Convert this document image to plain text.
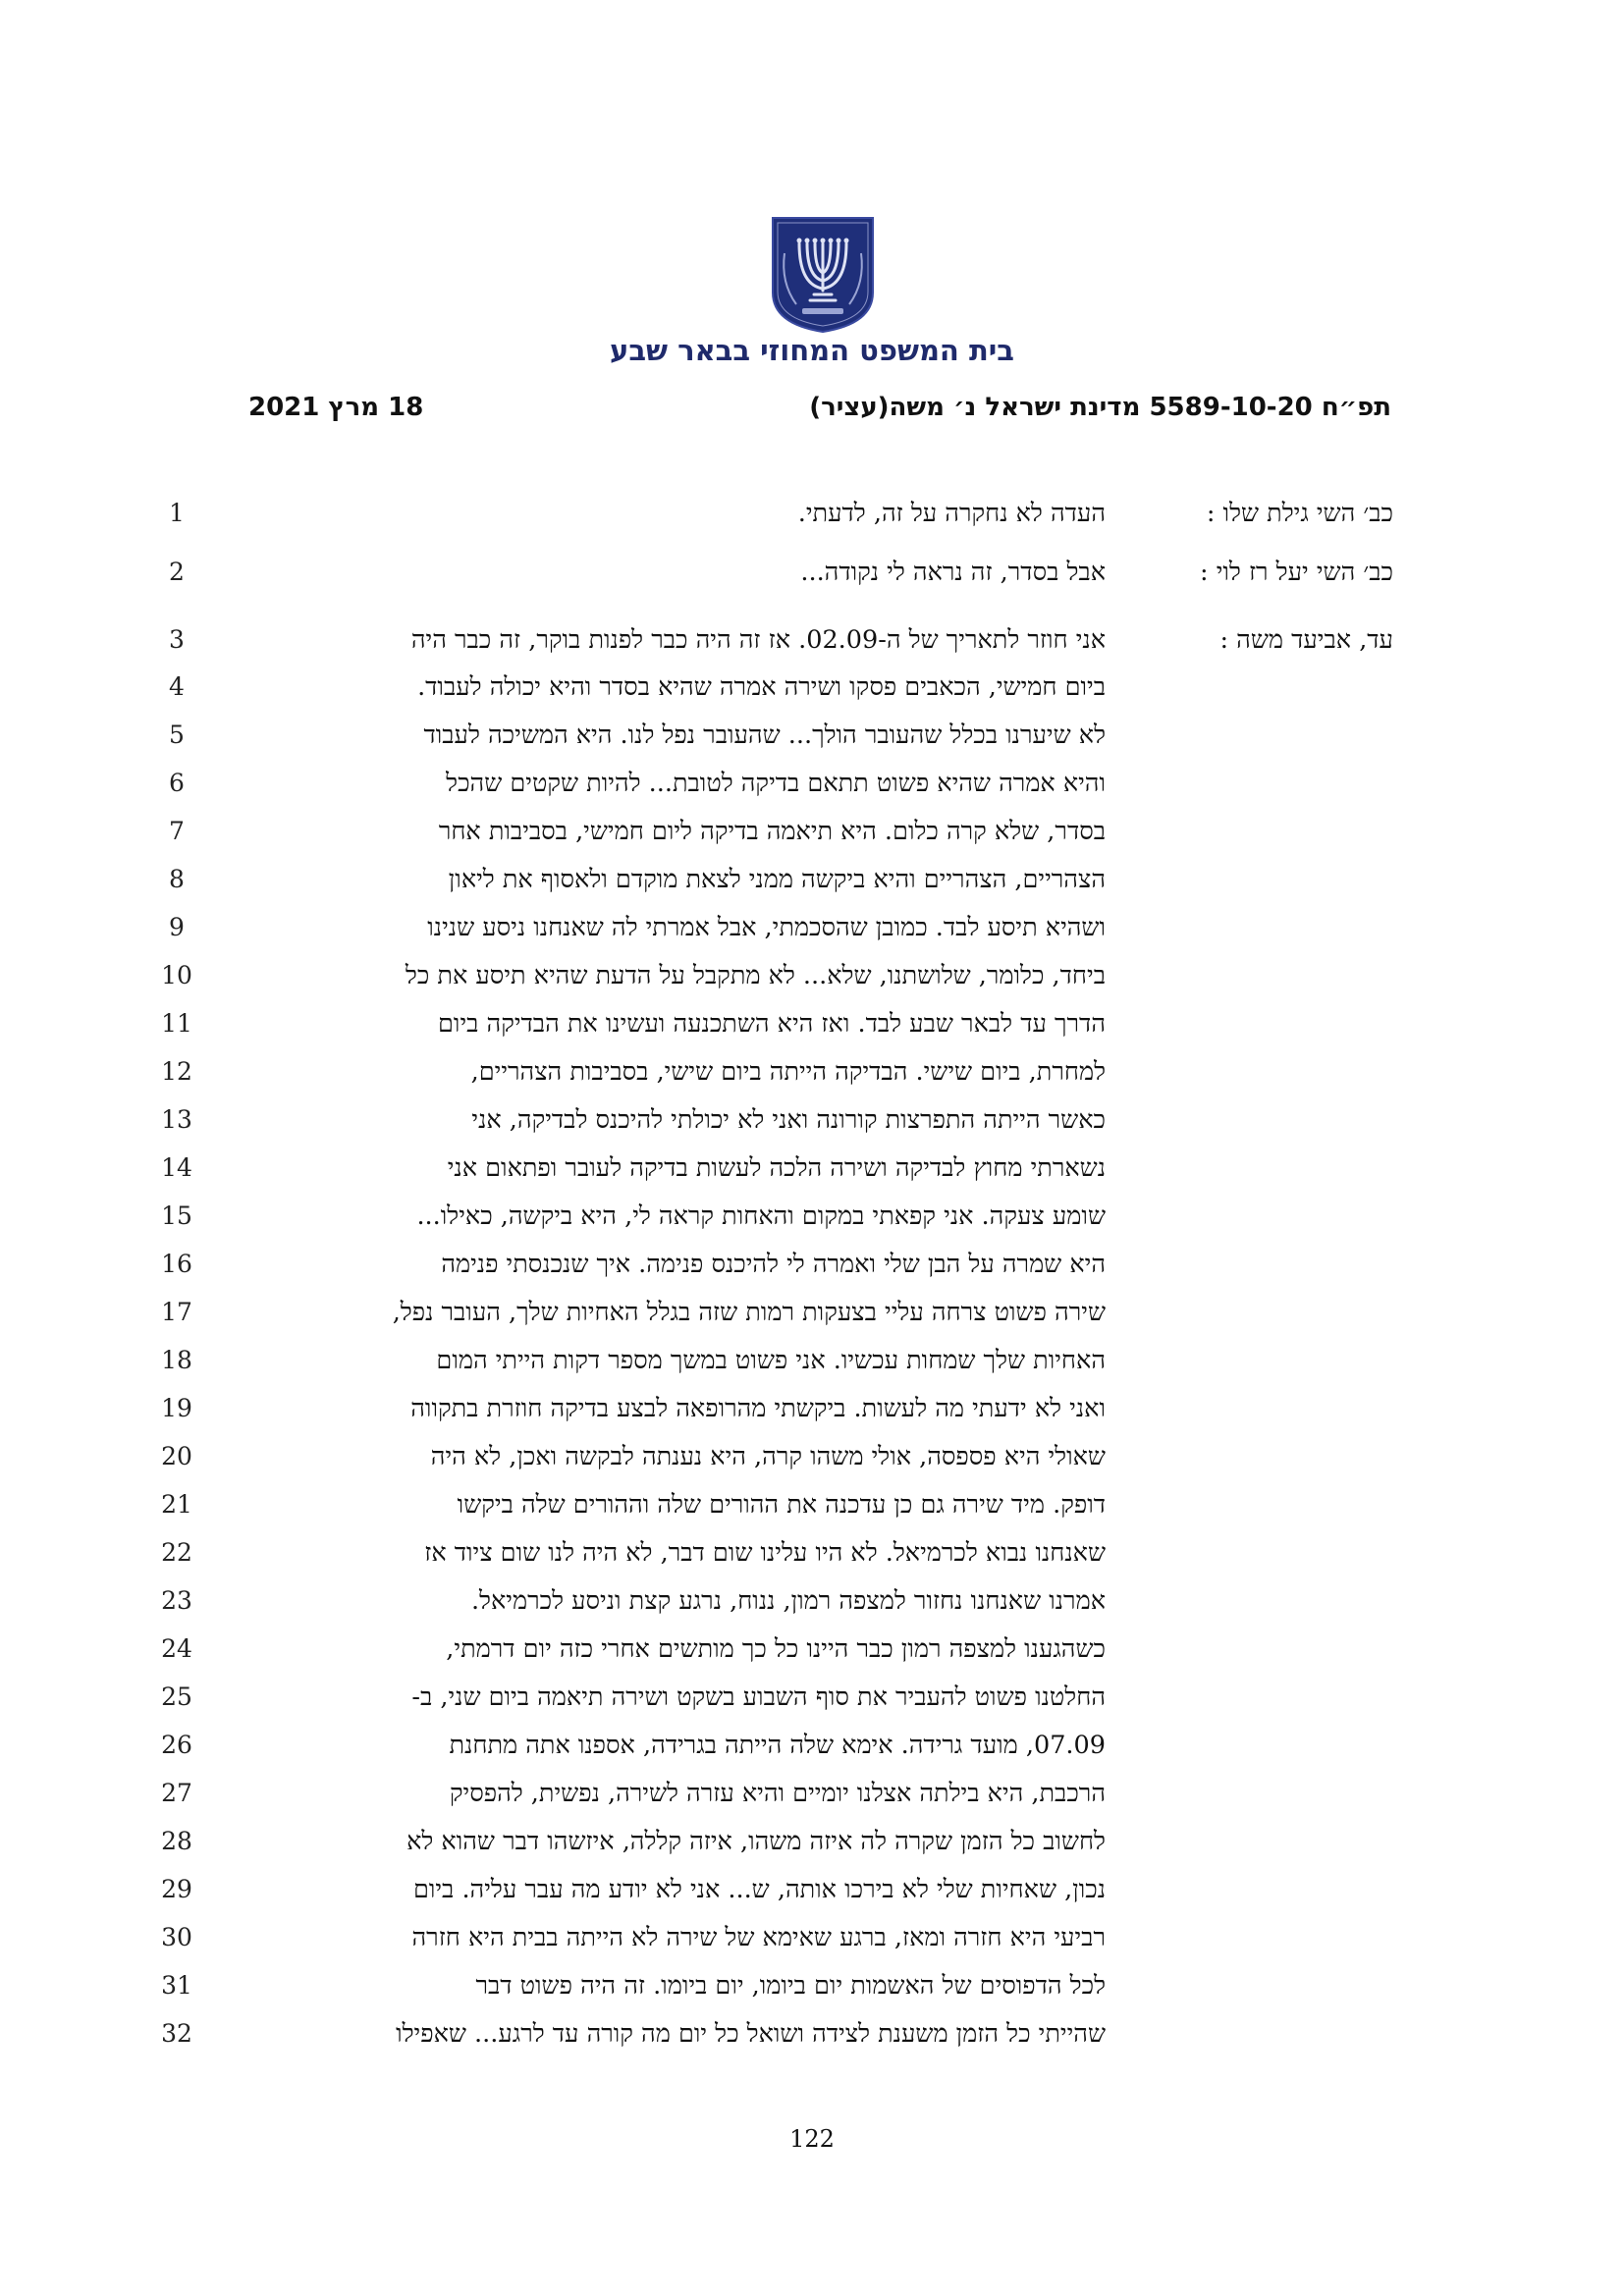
בית המשפט המחוזי בבאר שבע
תפ״ח 5589-10-20 מדינת ישראל נ׳ משה(עציר)
18 מרץ 2021
1	כב׳ השי גילת שלו :
העדה לא נחקרה על זה, לדעתי.
2	כב׳ השי יעל רז לוי :
אבל בסדר, זה נראה לי נקודה...
3	עד, אביעד משה :
אני חוזר לתאריך של ה-02.09. אז זה היה כבר לפנות בוקר, זה כבר היה
4	ביום חמישי, הכאבים פסקו ושירה אמרה שהיא בסדר והיא יכולה לעבוד.
5	לא שיערנו בכלל שהעובר הולך... שהעובר נפל לנו. היא המשיכה לעבוד
6	והיא אמרה שהיא פשוט תתאם בדיקה לטובת... להיות שקטים שהכל
7	בסדר, שלא קרה כלום. היא תיאמה בדיקה ליום חמישי, בסביבות אחר
8	הצהריים, הצהריים והיא ביקשה ממני לצאת מוקדם ולאסוף את ליאון
9	ושהיא תיסע לבד. כמובן שהסכמתי, אבל אמרתי לה שאנחנו ניסע שנינו
10	ביחד, כלומר, שלושתנו, שלא... לא מתקבל על הדעת שהיא תיסע את כל
11	הדרך עד לבאר שבע לבד. ואז היא השתכנעה ועשינו את הבדיקה ביום
12	למחרת, ביום שישי. הבדיקה הייתה ביום שישי, בסביבות הצהריים,
13	כאשר הייתה התפרצות קורונה ואני לא יכולתי להיכנס לבדיקה, אני
14	נשארתי מחוץ לבדיקה ושירה הלכה לעשות בדיקה לעובר ופתאום אני
15	שומע צעקה. אני קפאתי במקום והאחות קראה לי, היא ביקשה, כאילו...
16	היא שמרה על הבן שלי ואמרה לי להיכנס פנימה. איך שנכנסתי פנימה
17	שירה פשוט צרחה עליי בצעקות רמות שזה בגלל האחיות שלך, העובר נפל,
18	האחיות שלך שמחות עכשיו. אני פשוט במשך מספר דקות הייתי המום
19	ואני לא ידעתי מה לעשות. ביקשתי מהרופאה לבצע בדיקה חוזרת בתקווה
20	שאולי היא פספסה, אולי משהו קרה, היא נענתה לבקשה ואכן, לא היה
21	דופק. מיד שירה גם כן עדכנה את ההורים שלה וההורים שלה ביקשו
22	שאנחנו נבוא לכרמיאל. לא היו עלינו שום דבר, לא היה לנו שום ציוד אז
23	אמרנו שאנחנו נחזור למצפה רמון, ננוח, נרגע קצת וניסע לכרמיאל.
24	כשהגענו למצפה רמון כבר היינו כל כך מותשים אחרי כזה יום דרמתי,
25	החלטנו פשוט להעביר את סוף השבוע בשקט ושירה תיאמה ביום שני, ב-
26	07.09, מועד גרידה. אימא שלה הייתה בגרידה, אספנו אתה מתחנת
27	הרכבת, היא בילתה אצלנו יומיים והיא עזרה לשירה, נפשית, להפסיק
28	לחשוב כל הזמן שקרה לה איזה משהו, איזה קללה, איזשהו דבר שהוא לא
29	נכון, שאחיות שלי לא בירכו אותה, ש... אני לא יודע מה עבר עליה. ביום
30	רביעי היא חזרה ומאז, ברגע שאימא של שירה לא הייתה בבית היא חזרה
31	לכל הדפוסים של האשמות יום ביומו, יום ביומו. זה היה פשוט דבר
32	שהייתי כל הזמן משענת לצידה ושואל כל יום מה קורה עד לרגע... שאפילו
122
